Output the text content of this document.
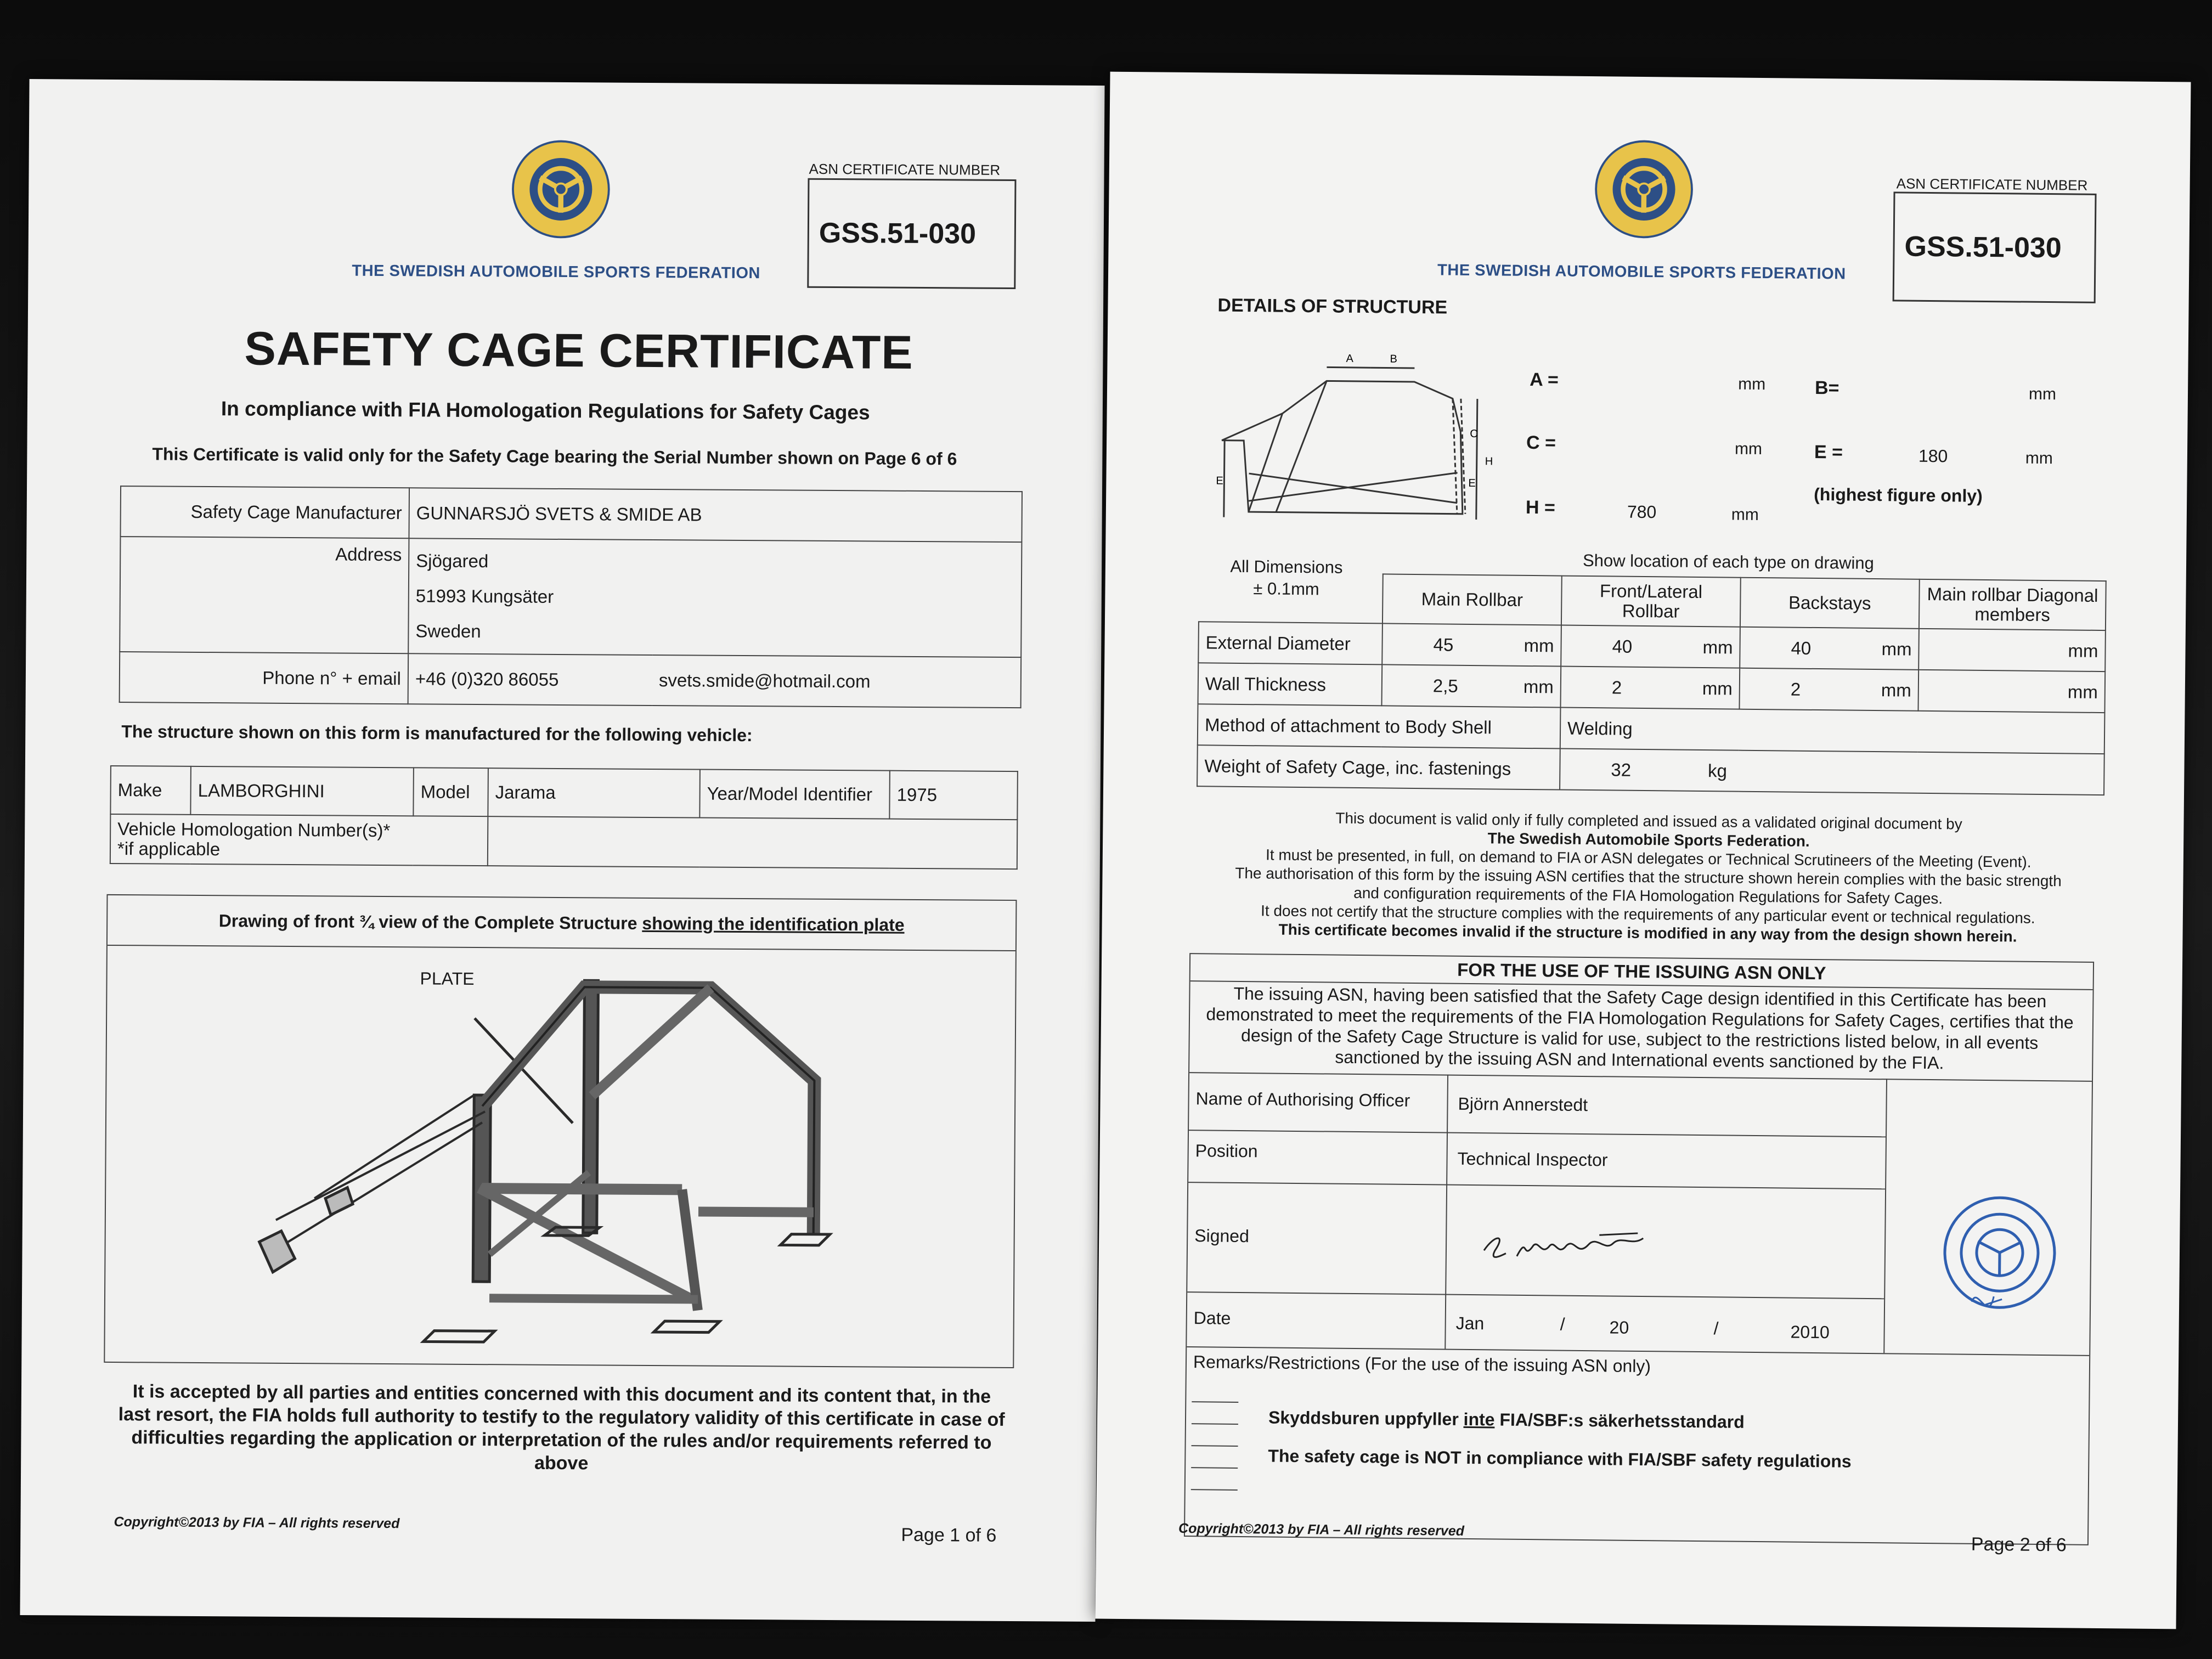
THE SWEDISH AUTOMOBILE SPORTS FEDERATION
ASN CERTIFICATE NUMBER
GSS.51-030
SAFETY CAGE CERTIFICATE
In compliance with FIA Homologation Regulations for Safety Cages
This Certificate is valid only for the Safety Cage bearing the Serial Number shown on Page 6 of 6
Safety Cage Manufacturer	GUNNARSJÖ SVETS & SMIDE AB	
Address	Sjögared
51993 Kungsäter
Sweden	

Phone n° + email	+46 (0)320 86055	svets.smide@hotmail.com
The structure shown on this form is manufactured for the following vehicle:
Make	LAMBORGHINI	Model	Jarama	Year/Model Identifier	1975

Vehicle Homologation Number(s)*
*if applicable					

Drawing of front ¾ view of the Complete Structure showing the identification plate
PLATE
It is accepted by all parties and entities concerned with this document and its content that, in the last resort, the FIA holds full authority to testify to the regulatory validity of this certificate in case of difficulties regarding the application or interpretation of the rules and/or requirements referred to above
Copyright©2013 by FIA – All rights reserved
Page 1 of 6
THE SWEDISH AUTOMOBILE SPORTS FEDERATION
ASN CERTIFICATE NUMBER
GSS.51-030
DETAILS OF STRUCTURE
A	B
C
E	E
H
A =	mm	B=	mm
C =	mm	E =	180	mm
H =	780	mm
(highest figure only)
All Dimensions
± 0.1mm
Show location of each type on drawing
	Main Rollbar	Front/Lateral Rollbar	Backstays	Main rollbar Diagonal members
External Diameter	45 mm	40 mm	40 mm	mm

Wall Thickness	2,5 mm	2 mm	2 mm	mm

Method of attachment to Body Shell		Welding		
Weight of Safety Cage, inc. fastenings		32 kg		
This document is valid only if fully completed and issued as a validated original document by
The Swedish Automobile Sports Federation.
It must be presented, in full, on demand to FIA or ASN delegates or Technical Scrutineers of the Meeting (Event).
The authorisation of this form by the issuing ASN certifies that the structure shown herein complies with the basic strength
and configuration requirements of the FIA Homologation Regulations for Safety Cages.
It does not certify that the structure complies with the requirements of any particular event or technical regulations.
This certificate becomes invalid if the structure is modified in any way from the design shown herein.
FOR THE USE OF THE ISSUING ASN ONLY
The issuing ASN, having been satisfied that the Safety Cage design identified in this Certificate has been demonstrated to meet the requirements of the FIA Homologation Regulations for Safety Cages, certifies that the design of the Safety Cage Structure is valid for use, subject to the restrictions listed below, in all events sanctioned by the issuing ASN and International events sanctioned by the FIA.
Name of Authorising Officer	Björn Annerstedt
Position	Technical Inspector
Signed
Date	Jan	/	20	/	2010
Remarks/Restrictions (For the use of the issuing ASN only)
Skyddsburen uppfyller inte FIA/SBF:s säkerhetsstandard
The safety cage is NOT in compliance with FIA/SBF safety regulations
Copyright©2013 by FIA – All rights reserved
Page 2 of 6
